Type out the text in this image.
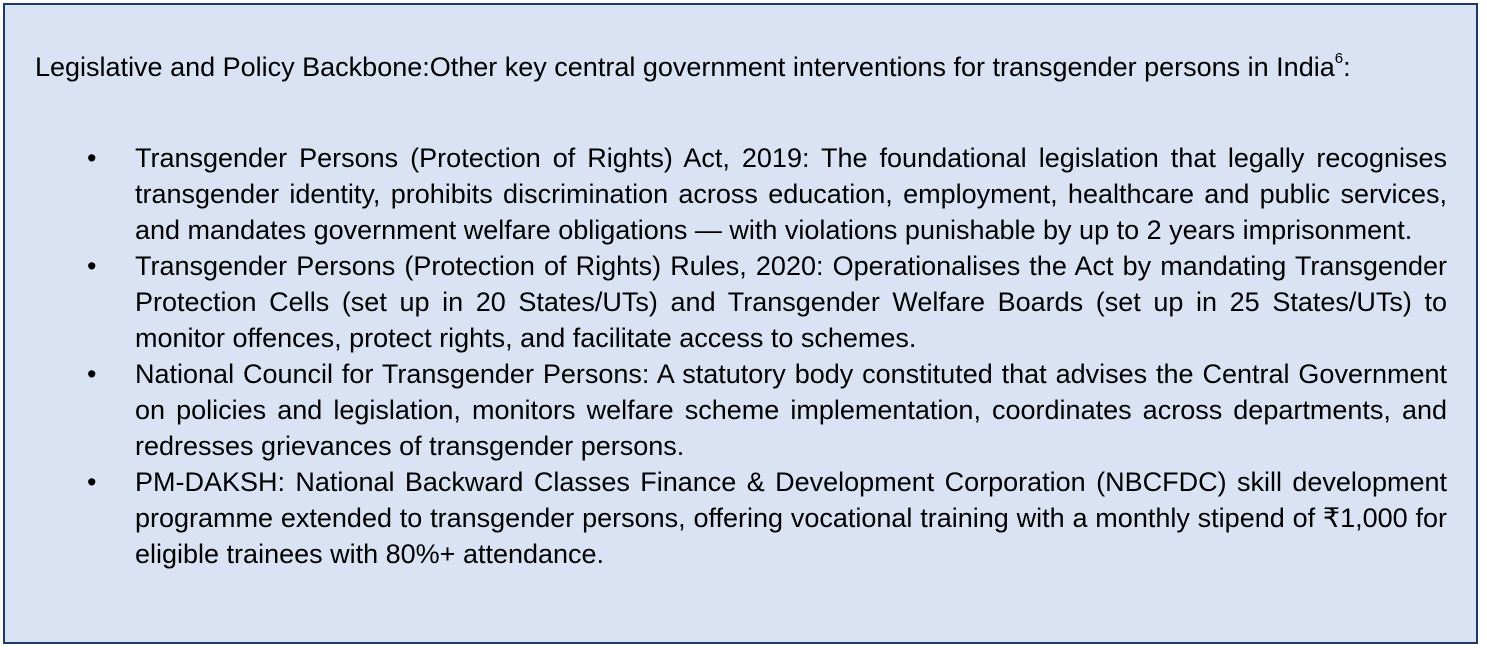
Legislative and Policy Backbone:Other key central government interventions for transgender persons in India$^6$:

• Transgender Persons (Protection of Rights) Act, 2019: The foundational legislation that legally recognises transgender identity, prohibits discrimination across education, employment, healthcare and public services, and mandates government welfare obligations — with violations punishable by up to 2 years imprisonment.
• Transgender Persons (Protection of Rights) Rules, 2020: Operationalises the Act by mandating Transgender Protection Cells (set up in 20 States/UTs) and Transgender Welfare Boards (set up in 25 States/UTs) to monitor offences, protect rights, and facilitate access to schemes.
• National Council for Transgender Persons: A statutory body constituted that advises the Central Government on policies and legislation, monitors welfare scheme implementation, coordinates across departments, and redresses grievances of transgender persons.
• PM-DAKSH: National Backward Classes Finance & Development Corporation (NBCFDC) skill development programme extended to transgender persons, offering vocational training with a monthly stipend of ₹1,000 for eligible trainees with 80%+ attendance.
